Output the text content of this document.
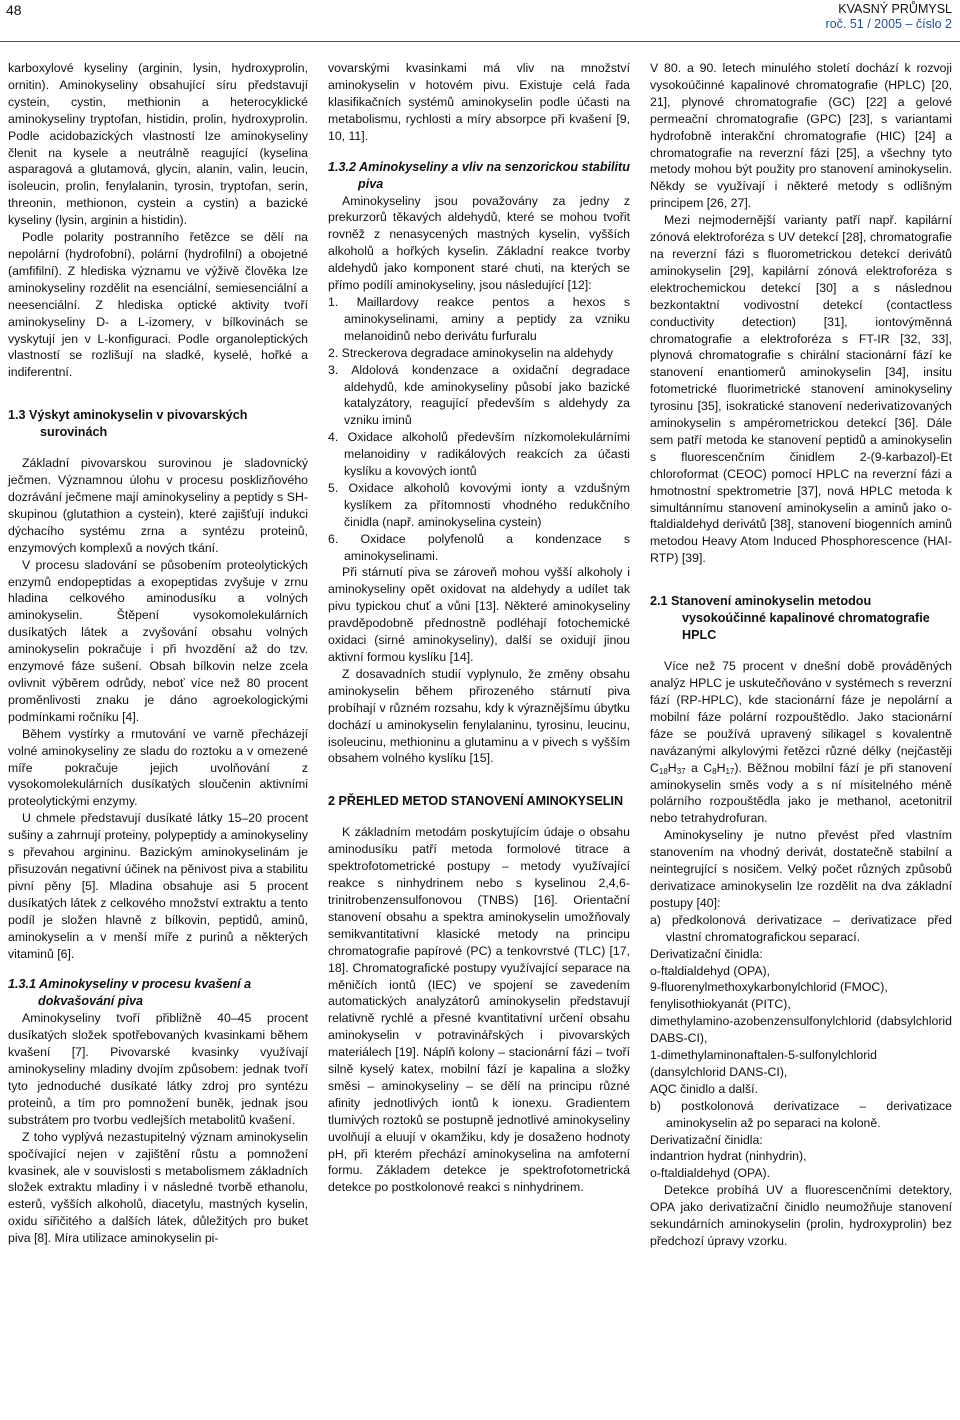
48	KVASNÝ PRŮMYSL
roč. 51 / 2005 – číslo 2

karboxylové kyseliny (arginin, lysin, hydroxyprolin, ornitin). Aminokyseliny obsahující síru představují cystein, cystin, methionin a heterocyklické aminokyseliny tryptofan, histidin, prolin, hydroxyprolin. Podle acidobazických vlastností lze aminokyseliny členit na kysele a neutrálně reagující (kyselina asparagová a glutamová, glycin, alanin, valin, leucin, isoleucin, prolin, fenylalanin, tyrosin, tryptofan, serin, threonin, methionon, cystein a cystin) a bazické kyseliny (lysin, arginin a histidin).

Podle polarity postranního řetězce se dělí na nepolární (hydrofobní), polární (hydrofilní) a obojetné (amfifilní). Z hlediska významu ve výživě člověka lze aminokyseliny rozdělit na esenciální, semiesenciální a neesenciální. Z hlediska optické aktivity tvoří aminokyseliny D- a L-izomery, v bílkovinách se vyskytují jen v L-konfiguraci. Podle organoleptických vlastností se rozlišují na sladké, kyselé, hořké a indiferentní.

1.3 Výskyt aminokyselin v pivovarských surovinách

Základní pivovarskou surovinou je sladovnický ječmen. Významnou úlohu v procesu posklizňového dozrávání ječmene mají aminokyseliny a peptidy s SH-skupinou (glutathion a cystein), které zajišťují indukci dýchacího systému zrna a syntézu proteinů, enzymových komplexů a nových tkání.

V procesu sladování se působením proteolytických enzymů endopeptidas a exopeptidas zvyšuje v zrnu hladina celkového aminodusíku a volných aminokyselin. Štěpení vysokomolekulárních dusíkatých látek a zvyšování obsahu volných aminokyselin pokračuje i při hvozdění až do tzv. enzymové fáze sušení. Obsah bílkovin nelze zcela ovlivnit výběrem odrůdy, neboť více než 80 procent proměnlivosti znaku je dáno agroekologickými podmínkami ročníku [4].

Během vystírky a rmutování ve varně přecházejí volné aminokyseliny ze sladu do roztoku a v omezené míře pokračuje jejich uvolňování z vysokomolekulárních dusíkatých sloučenin aktivními proteolytickými enzymy.

U chmele představují dusíkaté látky 15–20 procent sušiny a zahrnují proteiny, polypeptidy a aminokyseliny s převahou argininu. Bazickým aminokyselinám je přisuzován negativní účinek na pěnivost piva a stabilitu pivní pěny [5]. Mladina obsahuje asi 5 procent dusíkatých látek z celkového množství extraktu a tento podíl je složen hlavně z bílkovin, peptidů, aminů, aminokyselin a v menší míře z purinů a některých vitaminů [6].

1.3.1 Aminokyseliny v procesu kvašení a dokvašování piva

Aminokyseliny tvoří přibližně 40–45 procent dusíkatých složek spotřebovaných kvasinkami během kvašení [7]. Pivovarské kvasinky využívají aminokyseliny mladiny dvojím způsobem: jednak tvoří tyto jednoduché dusíkaté látky zdroj pro syntézu proteinů, a tím pro pomnožení buněk, jednak jsou substrátem pro tvorbu vedlejších metabolitů kvašení.

Z toho vyplývá nezastupitelný význam aminokyselin spočívající nejen v zajištění růstu a pomnožení kvasinek, ale v souvislosti s metabolismem základních složek extraktu mladiny i v následné tvorbě ethanolu, esterů, vyšších alkoholů, diacetylu, mastných kyselin, oxidu siřičitého a dalších látek, důležitých pro buket piva [8]. Míra utilizace aminokyselin pi-

vovarskými kvasinkami má vliv na množství aminokyselin v hotovém pivu. Existuje celá řada klasifikačních systémů aminokyselin podle účasti na metabolismu, rychlosti a míry absorpce při kvašení [9, 10, 11].

1.3.2 Aminokyseliny a vliv na senzorickou stabilitu piva

Aminokyseliny jsou považovány za jedny z prekurzorů těkavých aldehydů, které se mohou tvořit rovněž z nenasycených mastných kyselin, vyšších alkoholů a hořkých kyselin. Základní reakce tvorby aldehydů jako komponent staré chuti, na kterých se přímo podílí aminokyseliny, jsou následující [12]:

1. Maillardovy reakce pentos a hexos s aminokyselinami, aminy a peptidy za vzniku melanoidinů nebo derivátu furfuralu
2. Streckerova degradace aminokyselin na aldehydy
3. Aldolová kondenzace a oxidační degradace aldehydů, kde aminokyseliny působí jako bazické katalyzátory, reagující především s aldehydy za vzniku iminů
4. Oxidace alkoholů především nízkomolekulárními melanoidiny v radikálových reakcích za účasti kyslíku a kovových iontů
5. Oxidace alkoholů kovovými ionty a vzdušným kyslíkem za přítomnosti vhodného redukčního činidla (např. aminokyselina cystein)
6. Oxidace polyfenolů a kondenzace s aminokyselinami.

Při stárnutí piva se zároveň mohou vyšší alkoholy i aminokyseliny opět oxidovat na aldehydy a udílet tak pivu typickou chuť a vůni [13]. Některé aminokyseliny pravděpodobně přednostně podléhají fotochemické oxidaci (sirné aminokyseliny), další se oxidují jinou aktivní formou kyslíku [14].

Z dosavadních studií vyplynulo, že změny obsahu aminokyselin během přirozeného stárnutí piva probíhají v různém rozsahu, kdy k výraznějšímu úbytku dochází u aminokyselin fenylalaninu, tyrosinu, leucinu, isoleucinu, methioninu a glutaminu a v pivech s vyšším obsahem volného kyslíku [15].

2 PŘEHLED METOD STANOVENÍ AMINOKYSELIN

K základním metodám poskytujícím údaje o obsahu aminodusíku patří metoda formolové titrace a spektrofotometrické postupy – metody využívající reakce s ninhydrinem nebo s kyselinou 2,4,6-trinitrobenzensulfonovou (TNBS) [16]. Orientační stanovení obsahu a spektra aminokyselin umožňovaly semikvantitativní klasické metody na principu chromatografie papírové (PC) a tenkovrstvé (TLC) [17, 18]. Chromatografické postupy využívající separace na měničích iontů (IEC) ve spojení se zavedením automatických analyzátorů aminokyselin představují relativně rychlé a přesné kvantitativní určení obsahu aminokyselin v potravinářských i pivovarských materiálech [19]. Náplň kolony – stacionární fázi – tvoří silně kyselý katex, mobilní fází je kapalina a složky směsi – aminokyseliny – se dělí na principu různé afinity jednotlivých iontů k ionexu. Gradientem tlumivých roztoků se postupně jednotlivé aminokyseliny uvolňují a eluují v okamžiku, kdy je dosaženo hodnoty pH, při kterém přechází aminokyselina na amfoterní formu. Základem detekce je spektrofotometrická detekce po postkolonové reakci s ninhydrinem.

V 80. a 90. letech minulého století dochází k rozvoji vysokoúčinné kapalinové chromatografie (HPLC) [20, 21], plynové chromatografie (GC) [22] a gelové permeační chromatografie (GPC) [23], s variantami hydrofobně interakční chromatografie (HIC) [24] a chromatografie na reverzní fázi [25], a všechny tyto metody mohou být použity pro stanovení aminokyselin. Někdy se využívají i některé metody s odlišným principem [26, 27].

Mezi nejmodernější varianty patří např. kapilární zónová elektroforéza s UV detekcí [28], chromatografie na reverzní fázi s fluorometrickou detekcí derivátů aminokyselin [29], kapilární zónová elektroforéza s elektrochemickou detekcí [30] a s následnou bezkontaktní vodivostní detekcí (contactless conductivity detection) [31], iontovýměnná chromatografie a elektroforéza s FT-IR [32, 33], plynová chromatografie s chirální stacionární fází ke stanovení enantiomerů aminokyselin [34], insitu fotometrické fluorimetrické stanovení aminokyseliny tyrosinu [35], isokratické stanovení nederivatizovaných aminokyselin s ampérometrickou detekcí [36]. Dále sem patří metoda ke stanovení peptidů a aminokyselin s fluorescenčním činidlem 2-(9-karbazol)-Et chloroformat (CEOC) pomocí HPLC na reverzní fázi a hmotnostní spektrometrie [37], nová HPLC metoda k simultánnímu stanovení aminokyselin a aminů jako o-ftaldialdehyd derivátů [38], stanovení biogenních aminů metodou Heavy Atom Induced Phosphorescence (HAI-RTP) [39].

2.1 Stanovení aminokyselin metodou vysokoúčinné kapalinové chromatografie HPLC

Více než 75 procent v dnešní době prováděných analýz HPLC je uskutečňováno v systémech s reverzní fází (RP-HPLC), kde stacionární fáze je nepolární a mobilní fáze polární rozpouštědlo. Jako stacionární fáze se používá upravený silikagel s kovalentně navázanými alkylovými řetězci různé délky (nejčastěji $C_{18}H_{37}$ a $C_8H_{17}$). Běžnou mobilní fází je při stanovení aminokyselin směs vody a s ní mísitelného méně polárního rozpouštědla jako je methanol, acetonitril nebo tetrahydrofuran.

Aminokyseliny je nutno převést před vlastním stanovením na vhodný derivát, dostatečně stabilní a neintegrující s nosičem. Velký počet různých způsobů derivatizace aminokyselin lze rozdělit na dva základní postupy [40]:

a) předkolonová derivatizace – derivatizace před vlastní chromatografickou separací.
Derivatizační činidla:
o-ftaldialdehyd (OPA),
9-fluorenylmethoxykarbonylchlorid (FMOC),
fenylisothiokyanát (PITC),
dimethylamino-azobenzensulfonylchlorid (dabsylchlorid DABS-CI),
1-dimethylaminonaftalen-5-sulfonylchlorid (dansylchlorid DANS-CI),
AQC činidlo a další.
b) postkolonová derivatizace – derivatizace aminokyselin až po separaci na koloně.
Derivatizační činidla:
indantrion hydrat (ninhydrin),
o-ftaldialdehyd (OPA).

Detekce probíhá UV a fluorescenčními detektory, OPA jako derivatizační činidlo neumožňuje stanovení sekundárních aminokyselin (prolin, hydroxyprolin) bez předchozí úpravy vzorku.
